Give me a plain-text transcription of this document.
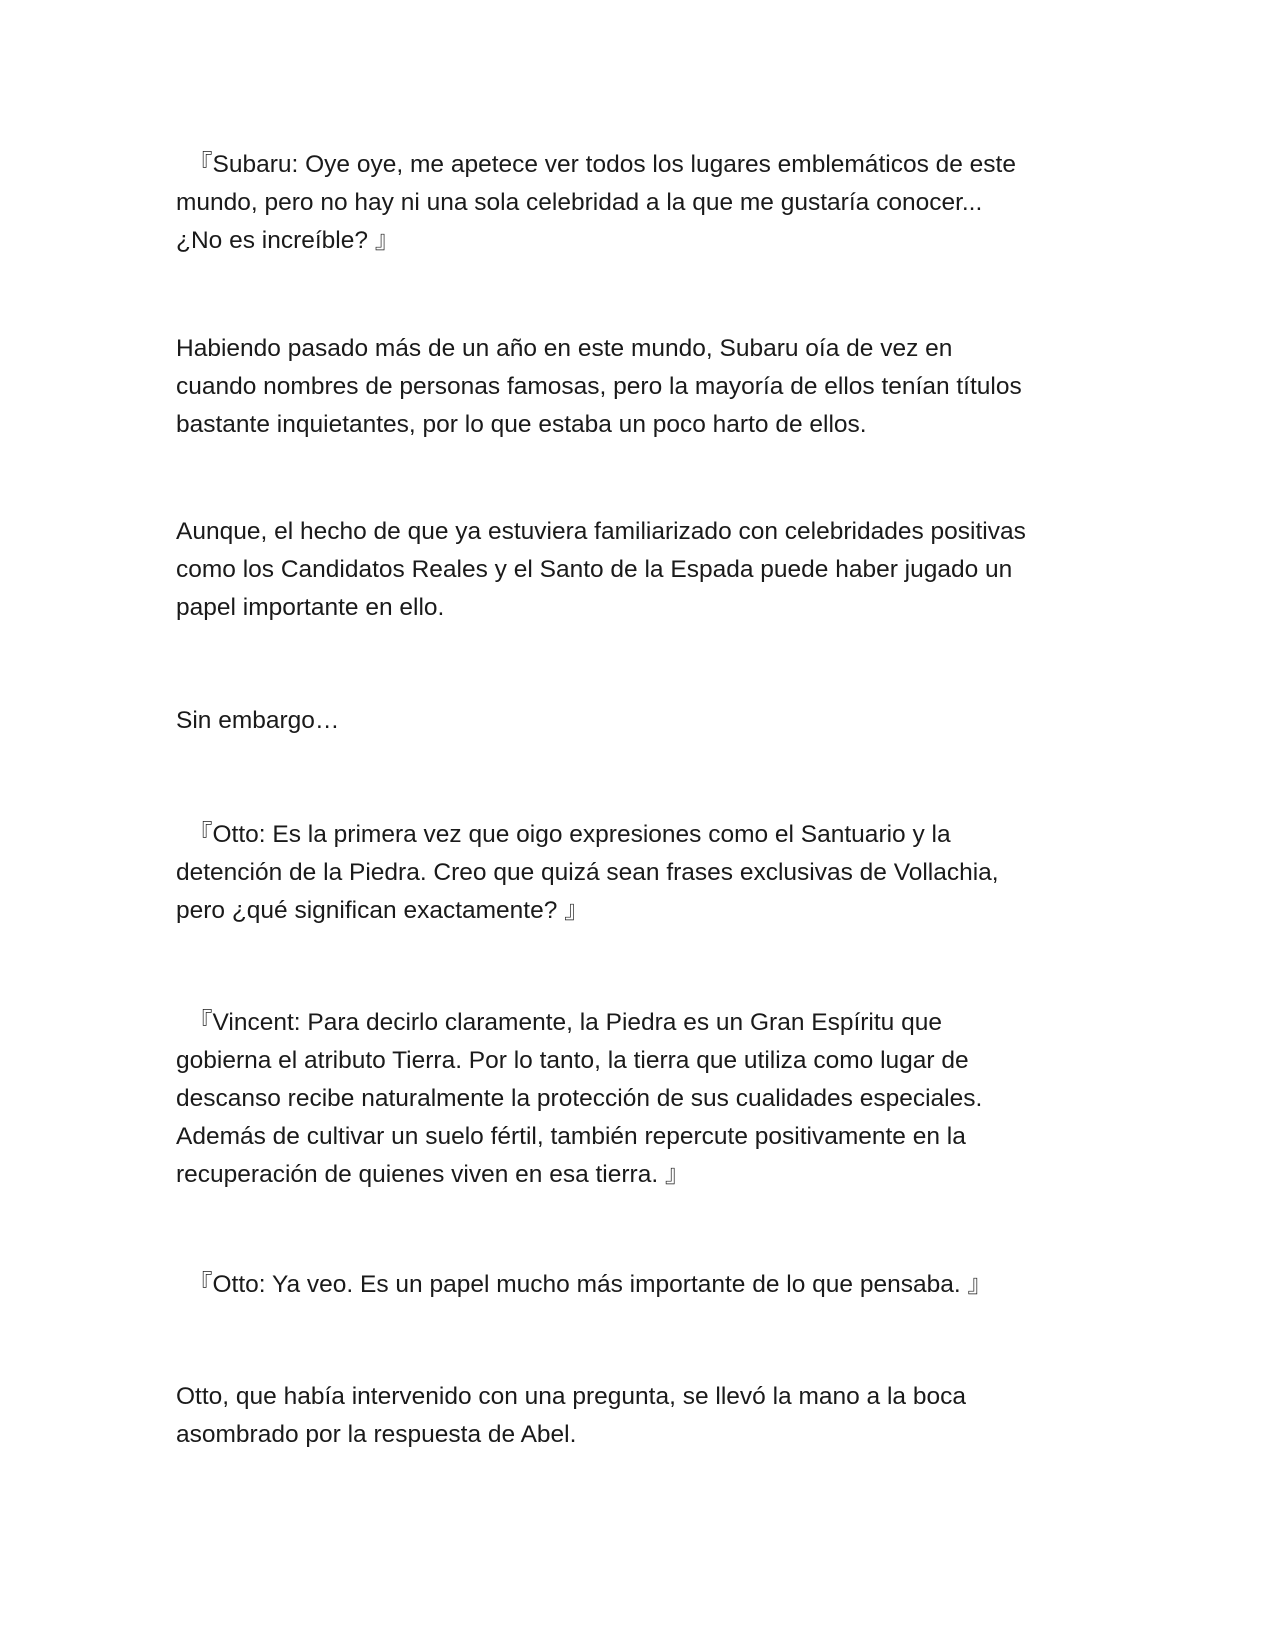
『Subaru: Oye oye, me apetece ver todos los lugares emblemáticos de este
mundo, pero no hay ni una sola celebridad a la que me gustaría conocer...
¿No es increíble? 』

Habiendo pasado más de un año en este mundo, Subaru oía de vez en
cuando nombres de personas famosas, pero la mayoría de ellos tenían títulos
bastante inquietantes, por lo que estaba un poco harto de ellos.

Aunque, el hecho de que ya estuviera familiarizado con celebridades positivas
como los Candidatos Reales y el Santo de la Espada puede haber jugado un
papel importante en ello.

Sin embargo…

『Otto: Es la primera vez que oigo expresiones como el Santuario y la
detención de la Piedra. Creo que quizá sean frases exclusivas de Vollachia,
pero ¿qué significan exactamente? 』

『Vincent: Para decirlo claramente, la Piedra es un Gran Espíritu que
gobierna el atributo Tierra. Por lo tanto, la tierra que utiliza como lugar de
descanso recibe naturalmente la protección de sus cualidades especiales.
Además de cultivar un suelo fértil, también repercute positivamente en la
recuperación de quienes viven en esa tierra. 』

『Otto: Ya veo. Es un papel mucho más importante de lo que pensaba. 』

Otto, que había intervenido con una pregunta, se llevó la mano a la boca
asombrado por la respuesta de Abel.
